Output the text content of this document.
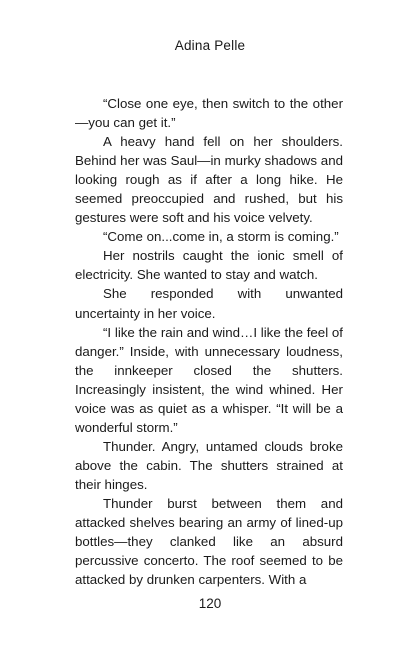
Adina Pelle

“Close one eye, then switch to the other —you can get it.”

A heavy hand fell on her shoulders. Behind her was Saul—in murky shadows and looking rough as if after a long hike. He seemed preoccupied and rushed, but his gestures were soft and his voice velvety.

“Come on...come in, a storm is coming.”

Her nostrils caught the ionic smell of electricity. She wanted to stay and watch.

She responded with unwanted uncertainty in her voice.

“I like the rain and wind…I like the feel of danger.” Inside, with unnecessary loudness, the innkeeper closed the shutters. Increasingly insistent, the wind whined. Her voice was as quiet as a whisper. “It will be a wonderful storm.”

Thunder. Angry, untamed clouds broke above the cabin. The shutters strained at their hinges.

Thunder burst between them and attacked shelves bearing an army of lined-up bottles—they clanked like an absurd percussive concerto. The roof seemed to be attacked by drunken carpenters. With a

120
